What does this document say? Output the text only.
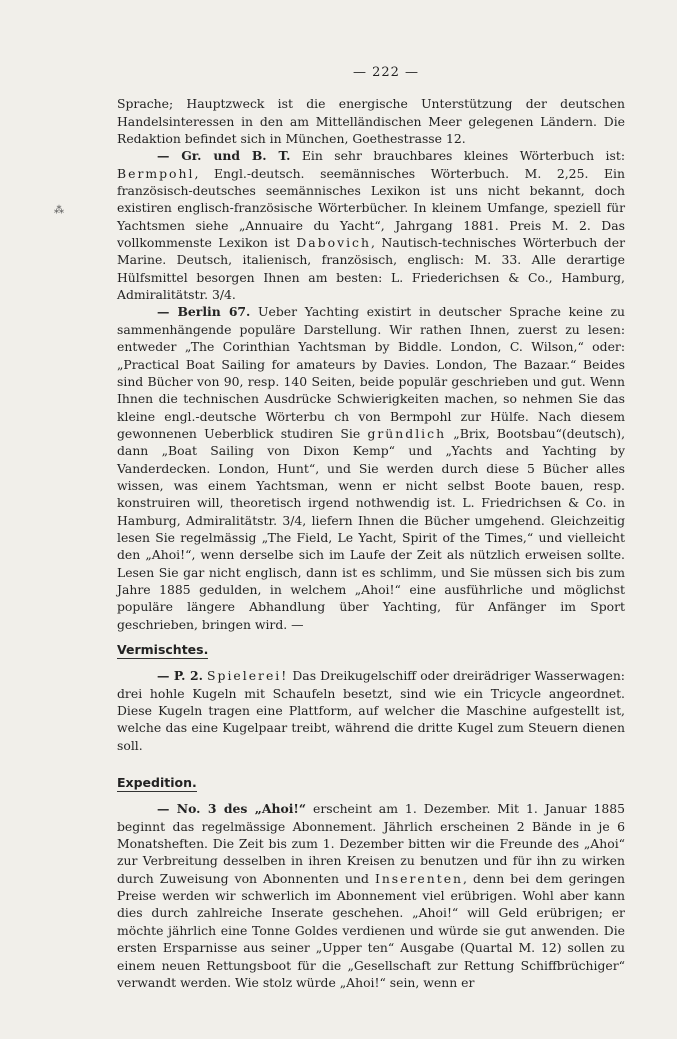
⁂
— 222 —

Sprache; Hauptzweck ist die energische Unterstützung der deutschen Handelsinteressen in den am Mittelländischen Meer gelegenen Ländern. Die Redaktion befindet sich in München, Goethestrasse 12.

— Gr. und B. T. Ein sehr brauchbares kleines Wörterbuch ist: Bermpohl, Engl.-deutsch. seemännisches Wörterbuch. M. 2,25. Ein französisch-deutsches seemännisches Lexikon ist uns nicht bekannt, doch existiren englisch-französische Wörterbücher. In kleinem Umfange, speziell für Yachtsmen siehe „Annuaire du Yacht“, Jahrgang 1881. Preis M. 2. Das vollkommenste Lexikon ist Dabovich, Nautisch-technisches Wörterbuch der Marine. Deutsch, italienisch, französisch, englisch: M. 33. Alle derartige Hülfsmittel besorgen Ihnen am besten: L. Friederichsen & Co., Hamburg, Admiralitätstr. 3/4.

— Berlin 67. Ueber Yachting existirt in deutscher Sprache keine zu sammenhängende populäre Darstellung. Wir rathen Ihnen, zuerst zu lesen: entweder „The Corinthian Yachtsman by Biddle. London, C. Wilson,“ oder: „Practical Boat Sailing for amateurs by Davies. London, The Bazaar.“ Beides sind Bücher von 90, resp. 140 Seiten, beide populär geschrieben und gut. Wenn Ihnen die technischen Ausdrücke Schwierigkeiten machen, so nehmen Sie das kleine engl.-deutsche Wörterbu ch von Bermpohl zur Hülfe. Nach diesem gewonnenen Ueberblick studiren Sie gründlich „Brix, Bootsbau“(deutsch), dann „Boat Sailing von Dixon Kemp“ und „Yachts and Yachting by Vanderdecken. London, Hunt“, und Sie werden durch diese 5 Bücher alles wissen, was einem Yachtsman, wenn er nicht selbst Boote bauen, resp. konstruiren will, theoretisch irgend nothwendig ist. L. Friedrichsen & Co. in Hamburg, Admiralitätstr. 3/4, liefern Ihnen die Bücher umgehend. Gleichzeitig lesen Sie regelmässig „The Field, Le Yacht, Spirit of the Times,“ und vielleicht den „Ahoi!“, wenn derselbe sich im Laufe der Zeit als nützlich erweisen sollte. Lesen Sie gar nicht englisch, dann ist es schlimm, und Sie müssen sich bis zum Jahre 1885 gedulden, in welchem „Ahoi!“ eine ausführliche und möglichst populäre längere Abhandlung über Yachting, für Anfänger im Sport geschrieben, bringen wird. —

Vermischtes.

— P. 2. Spielerei! Das Dreikugelschiff oder dreirädriger Wasserwagen: drei hohle Kugeln mit Schaufeln besetzt, sind wie ein Tricycle angeordnet. Diese Kugeln tragen eine Plattform, auf welcher die Maschine aufgestellt ist, welche das eine Kugelpaar treibt, während die dritte Kugel zum Steuern dienen soll.

Expedition.

— No. 3 des „Ahoi!“ erscheint am 1. Dezember. Mit 1. Januar 1885 beginnt das regelmässige Abonnement. Jährlich erscheinen 2 Bände in je 6 Monatsheften. Die Zeit bis zum 1. Dezember bitten wir die Freunde des „Ahoi“ zur Verbreitung desselben in ihren Kreisen zu benutzen und für ihn zu wirken durch Zuweisung von Abonnenten und Inserenten, denn bei dem geringen Preise werden wir schwerlich im Abonnement viel erübrigen. Wohl aber kann dies durch zahlreiche Inserate geschehen. „Ahoi!“ will Geld erübrigen; er möchte jährlich eine Tonne Goldes verdienen und würde sie gut anwenden. Die ersten Ersparnisse aus seiner „Upper ten“ Ausgabe (Quartal M. 12) sollen zu einem neuen Rettungsboot für die „Gesellschaft zur Rettung Schiffbrüchiger“ verwandt werden. Wie stolz würde „Ahoi!“ sein, wenn er
